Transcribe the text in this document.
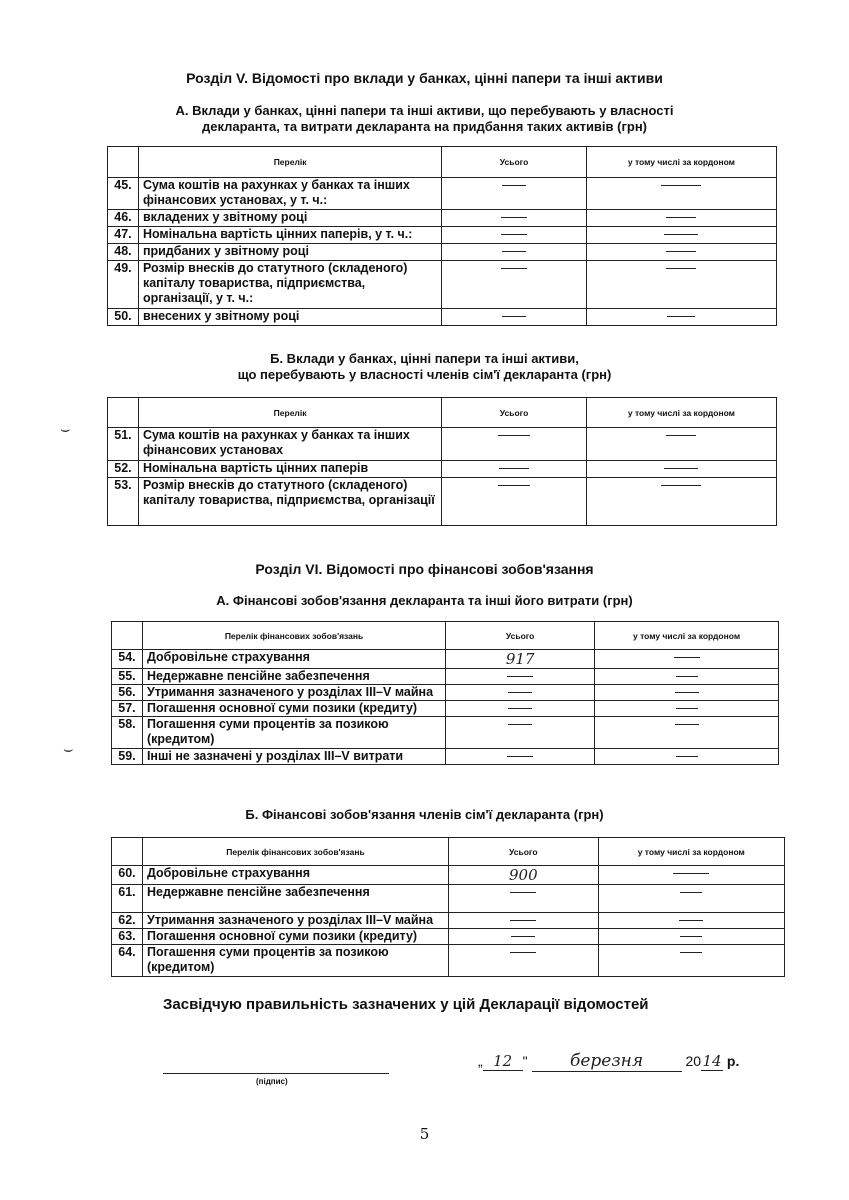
Розділ V. Відомості про вклади у банках, цінні папери та інші активи
А. Вклади у банках, цінні папери та інші активи, що перебувають у власності
декларанта, та витрати декларанта на придбання таких активів (грн)
	Перелік	Усього	у тому числі за кордоном
45.	Сума коштів на рахунках у банках та інших фінансових установах, у т. ч.:		
46.	вкладених у звітному році		
47.	Номінальна вартість цінних паперів, у т. ч.:		
48.	придбаних у звітному році		
49.	Розмір внесків до статутного (складеного) капіталу товариства, підприємства, організації, у т. ч.:		
50.	внесених у звітному році		
Б. Вклади у банках, цінні папери та інші активи,
що перебувають у власності членів сім'ї декларанта (грн)
	Перелік	Усього	у тому числі за кордоном
51.	Сума коштів на рахунках у банках та інших фінансових установах		
52.	Номінальна вартість цінних паперів		
53.	Розмір внесків до статутного (складеного) капіталу товариства, підприємства, організації		
Розділ VI. Відомості про фінансові зобов'язання
А. Фінансові зобов'язання декларанта та інші його витрати (грн)
	Перелік фінансових зобов'язань	Усього	у тому числі за кордоном
54.	Добровільне страхування	917	
55.	Недержавне пенсійне забезпечення		
56.	Утримання зазначеного у розділах III–V майна		
57.	Погашення основної суми позики (кредиту)		
58.	Погашення суми процентів за позикою (кредитом)		
59.	Інші не зазначені у розділах III–V витрати		
Б. Фінансові зобов'язання членів сім'ї декларанта (грн)
	Перелік фінансових зобов'язань	Усього	у тому числі за кордоном
60.	Добровільне страхування	900	
61.	Недержавне пенсійне забезпечення		
62.	Утримання зазначеного у розділах III–V майна		
63.	Погашення основної суми позики (кредиту)		
64.	Погашення суми процентів за позикою (кредитом)		
⌣
⌣
Засвідчую правильність зазначених у цій Декларації відомостей
(підпис)
„ 12 " березня	2014 р.
5
